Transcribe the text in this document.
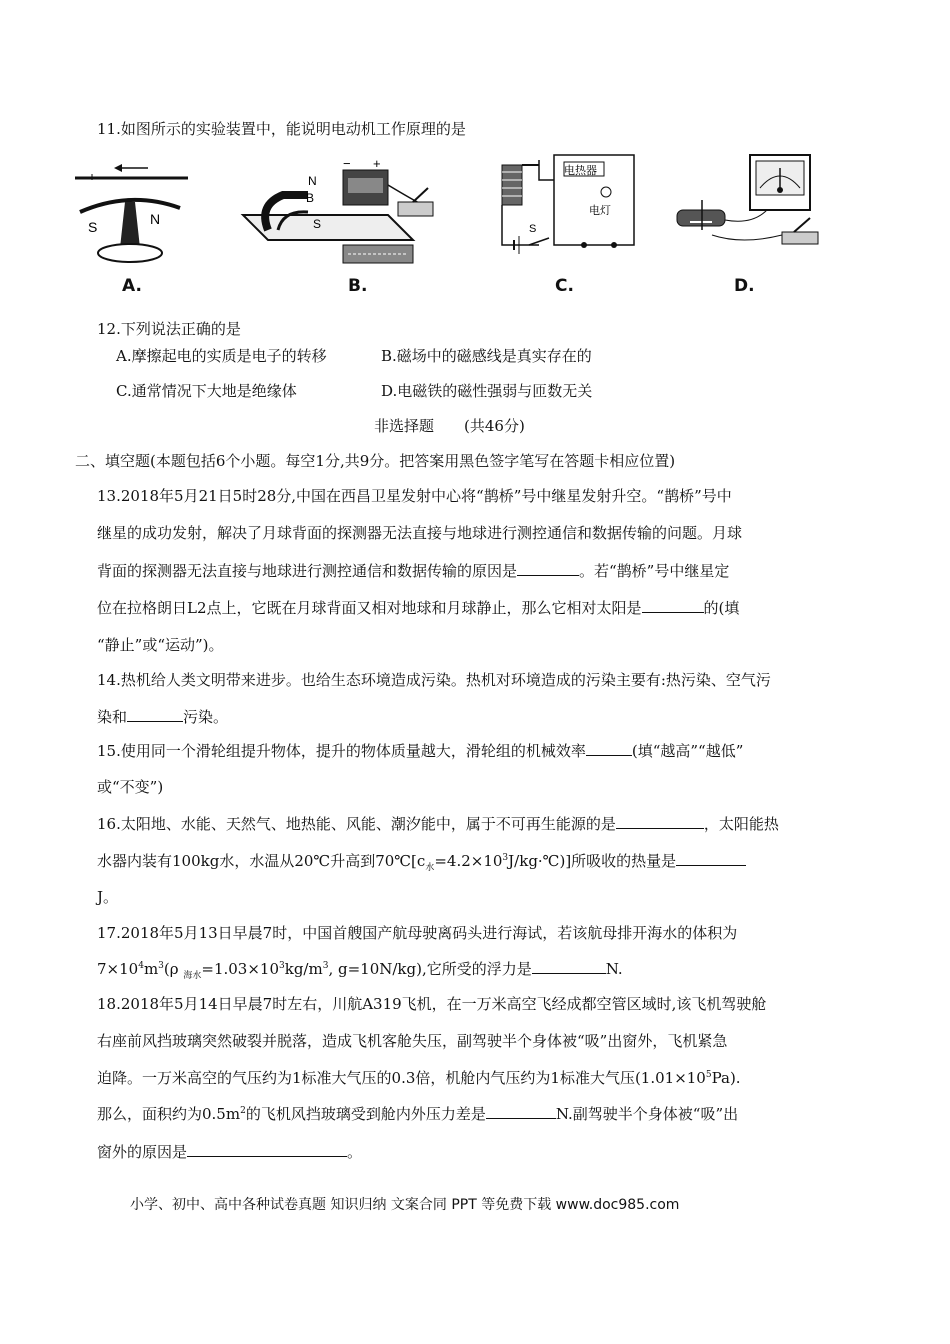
11.如图所示的实验装置中，能说明电动机工作原理的是
S	N
A.
N
B
S
− +
B.
电热器
电灯
S
C.	D.
12.下列说法正确的是
A.摩擦起电的实质是电子的转移	B.磁场中的磁感线是真实存在的
C.通常情况下大地是绝缘体	D.电磁铁的磁性强弱与匝数无关
非选择题　　(共46分)
二、填空题(本题包括6个小题。每空1分,共9分。把答案用黑色签字笔写在答题卡相应位置)
13.2018年5月21日5时28分,中国在西昌卫星发射中心将“鹊桥”号中继星发射升空。“鹊桥”号中
继星的成功发射，解决了月球背面的探测器无法直接与地球进行测控通信和数据传输的问题。月球
背面的探测器无法直接与地球进行测控通信和数据传输的原因是	。若“鹊桥”号中继星定
位在拉格朗日L2点上，它既在月球背面又相对地球和月球静止，那么它相对太阳是	的(填
“静止”或“运动”)。
14.热机给人类文明带来进步。也给生态环境造成污染。热机对环境造成的污染主要有:热污染、空气污
染和	污染。
15.使用同一个滑轮组提升物体，提升的物体质量越大，滑轮组的机械效率	(填“越高”“越低”
或“不变”)
16.太阳地、水能、天然气、地热能、风能、潮汐能中，属于不可再生能源的是	，太阳能热
水器内装有100kg水，水温从20℃升高到$70℃[c_水=4.2\times 10^3J/kg\cdot℃)$]所吸收的热量是
J。
17.2018年5月13日早晨7时，中国首艘国产航母驶离码头进行海试，若该航母排开海水的体积为
$7\times 10^4m^3(\rho$ $_{海水}=1.03\times 10^3kg/m^3$, g=10N/kg),它所受的浮力是	N.
18.2018年5月14日早晨7时左右，川航A319飞机，在一万米高空飞经成都空管区域时,该飞机驾驶舱
右座前风挡玻璃突然破裂并脱落，造成飞机客舱失压，副驾驶半个身体被“吸”出窗外，飞机紧急
迫降。一万米高空的气压约为1标准大气压的0.3倍，机舱内气压约为1标准大气压$(1.01\times 10^5Pa)$.
那么，面积约为$0.5m^2$的飞机风挡玻璃受到舱内外压力差是	N.副驾驶半个身体被“吸”出
窗外的原因是	。
小学、初中、高中各种试卷真题 知识归纳 文案合同 PPT 等免费下载 www.doc985.com
